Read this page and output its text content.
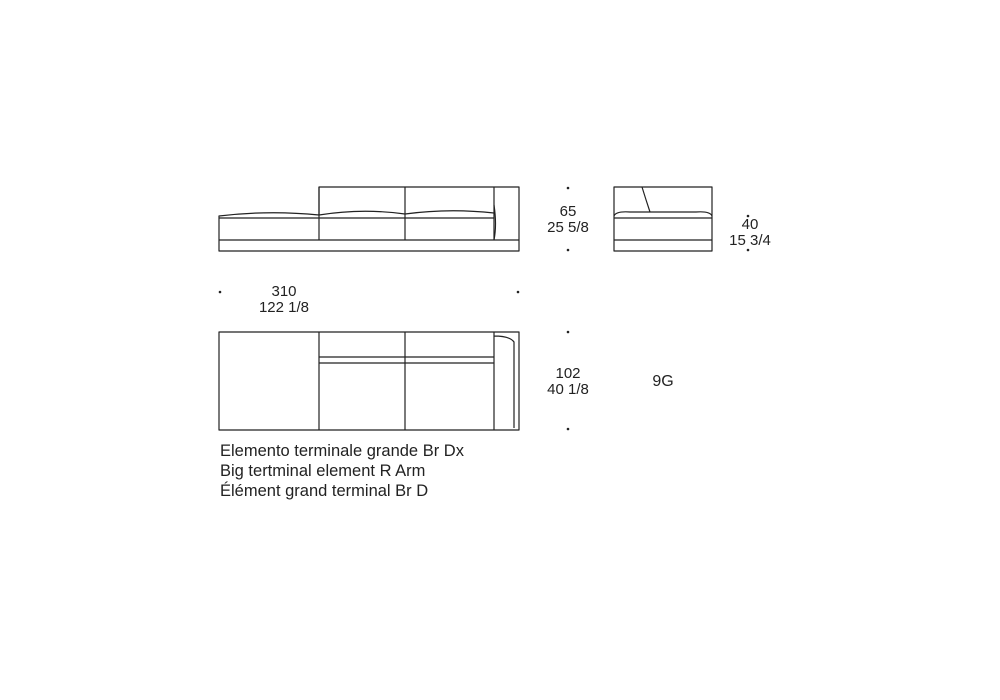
65
25 5/8	40
15 3/4
310
122 1/8
102
40 1/8	9G
Elemento terminale grande Br Dx
Big tertminal element R Arm
Élément grand terminal Br D
